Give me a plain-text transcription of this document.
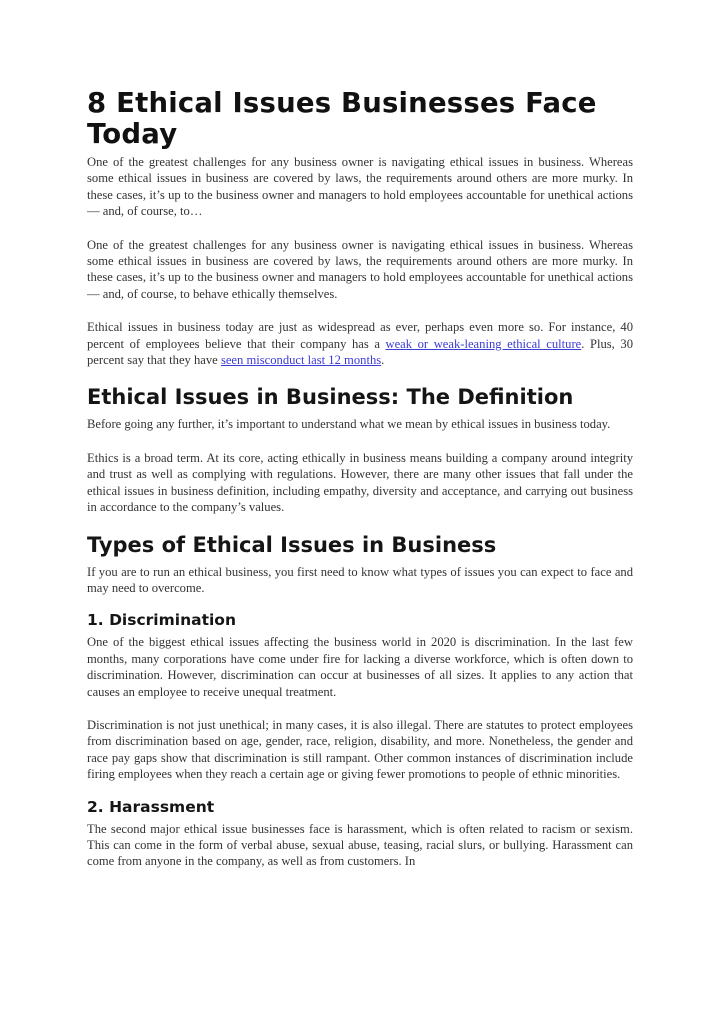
8 Ethical Issues Businesses Face Today

One of the greatest challenges for any business owner is navigating ethical issues in business. Whereas some ethical issues in business are covered by laws, the requirements around others are more murky. In these cases, it’s up to the business owner and managers to hold employees accountable for unethical actions — and, of course, to…

One of the greatest challenges for any business owner is navigating ethical issues in business. Whereas some ethical issues in business are covered by laws, the requirements around others are more murky. In these cases, it’s up to the business owner and managers to hold employees accountable for unethical actions — and, of course, to behave ethically themselves.

Ethical issues in business today are just as widespread as ever, perhaps even more so. For instance, 40 percent of employees believe that their company has a weak or weak-leaning ethical culture. Plus, 30 percent say that they have seen misconduct last 12 months.

Ethical Issues in Business: The Definition

Before going any further, it’s important to understand what we mean by ethical issues in business today.

Ethics is a broad term. At its core, acting ethically in business means building a company around integrity and trust as well as complying with regulations. However, there are many other issues that fall under the ethical issues in business definition, including empathy, diversity and acceptance, and carrying out business in accordance to the company’s values.

Types of Ethical Issues in Business

If you are to run an ethical business, you first need to know what types of issues you can expect to face and may need to overcome.

1. Discrimination

One of the biggest ethical issues affecting the business world in 2020 is discrimination. In the last few months, many corporations have come under fire for lacking a diverse workforce, which is often down to discrimination. However, discrimination can occur at businesses of all sizes. It applies to any action that causes an employee to receive unequal treatment.

Discrimination is not just unethical; in many cases, it is also illegal. There are statutes to protect employees from discrimination based on age, gender, race, religion, disability, and more. Nonetheless, the gender and race pay gaps show that discrimination is still rampant. Other common instances of discrimination include firing employees when they reach a certain age or giving fewer promotions to people of ethnic minorities.

2. Harassment

The second major ethical issue businesses face is harassment, which is often related to racism or sexism. This can come in the form of verbal abuse, sexual abuse, teasing, racial slurs, or bullying. Harassment can come from anyone in the company, as well as from customers. In
